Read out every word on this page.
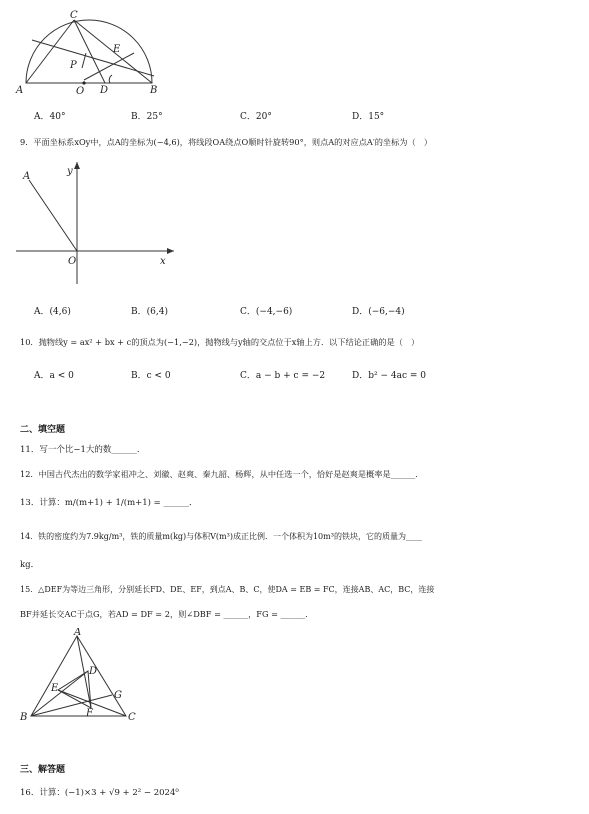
C
E
P
A	O D	B
A．40°	B．25°	C．20°	D．15°
9．平面坐标系xOy中，点A的坐标为(−4,6)，将线段OA绕点O顺时针旋转90°，则点A的对应点A′的坐标为（　）
A	y
O	x
A．(4,6)	B．(6,4)	C．(−4,−6)	D．(−6,−4)
10．抛物线y = ax² + bx + c的顶点为(−1,−2)，抛物线与y轴的交点位于x轴上方．以下结论正确的是（　）
A．a < 0	B．c < 0	C．a − b + c = −2	D．b² − 4ac = 0
二、填空题
11．写一个比−1大的数______．
12．中国古代杰出的数学家祖冲之、刘徽、赵爽、秦九韶、杨辉，从中任选一个，恰好是赵爽是概率是______．
13．计算：m/(m+1) + 1/(m+1) = ______．
14．铁的密度约为7.9kg/m³，铁的质量m(kg)与体积V(m³)成正比例．一个体积为10m³的铁块，它的质量为____
kg．
15．△DEF为等边三角形，分别延长FD、DE、EF，到点A、B、C，使DA = EB = FC，连接AB、AC，BC，连接
BF并延长交AC于点G，若AD = DF = 2，则∠DBF = ______，FG = ______．
A
D
E
G
F
B	C
三、解答题
16．计算：(−1)×3 + √9 + 2² − 2024⁰
